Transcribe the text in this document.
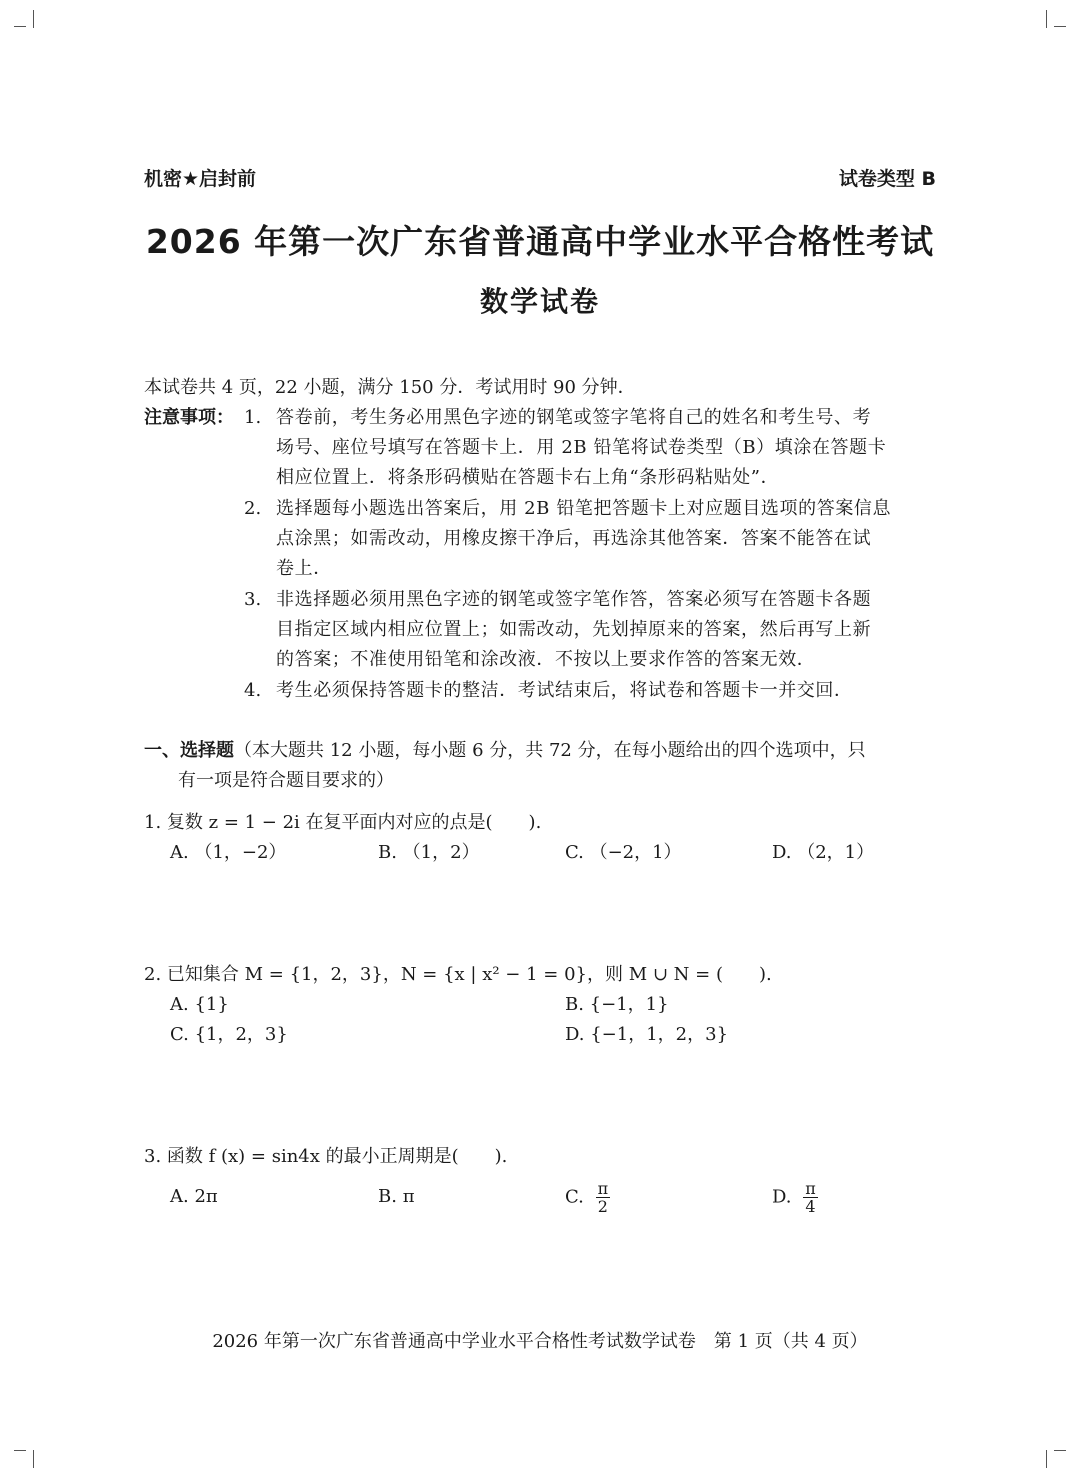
机密★启封前	试卷类型 B
2026 年第一次广东省普通高中学业水平合格性考试
数学试卷
本试卷共 4 页，22 小题，满分 150 分．考试用时 90 分钟．
注意事项： 1. 答卷前，考生务必用黑色字迹的钢笔或签字笔将自己的姓名和考生号、考
场号、座位号填写在答题卡上．用 2B 铅笔将试卷类型（B）填涂在答题卡
相应位置上．将条形码横贴在答题卡右上角“条形码粘贴处”．
2. 选择题每小题选出答案后，用 2B 铅笔把答题卡上对应题目选项的答案信息
点涂黑；如需改动，用橡皮擦干净后，再选涂其他答案．答案不能答在试
卷上．
3. 非选择题必须用黑色字迹的钢笔或签字笔作答，答案必须写在答题卡各题
目指定区域内相应位置上；如需改动，先划掉原来的答案，然后再写上新
的答案；不准使用铅笔和涂改液．不按以上要求作答的答案无效．
4. 考生必须保持答题卡的整洁．考试结束后，将试卷和答题卡一并交回．
一、选择题（本大题共 12 小题，每小题 6 分，共 72 分，在每小题给出的四个选项中，只
有一项是符合题目要求的）
1. 复数 z = 1 − 2i 在复平面内对应的点是(　　).
A. （1，−2）	B. （1，2）	C. （−2，1）	D. （2，1）
2. 已知集合 M = {1，2，3}，N = {x | x² − 1 = 0}，则 M ∪ N = (　　).
A. {1}	B. {−1，1}
C. {1，2，3}	D. {−1，1，2，3}
3. 函数 f (x) = sin4x 的最小正周期是(　　).
A. 2π	B. π	C. $\frac{\pi}{2}$	D. $\frac{\pi}{4}$
2026 年第一次广东省普通高中学业水平合格性考试数学试卷　第 1 页（共 4 页）
